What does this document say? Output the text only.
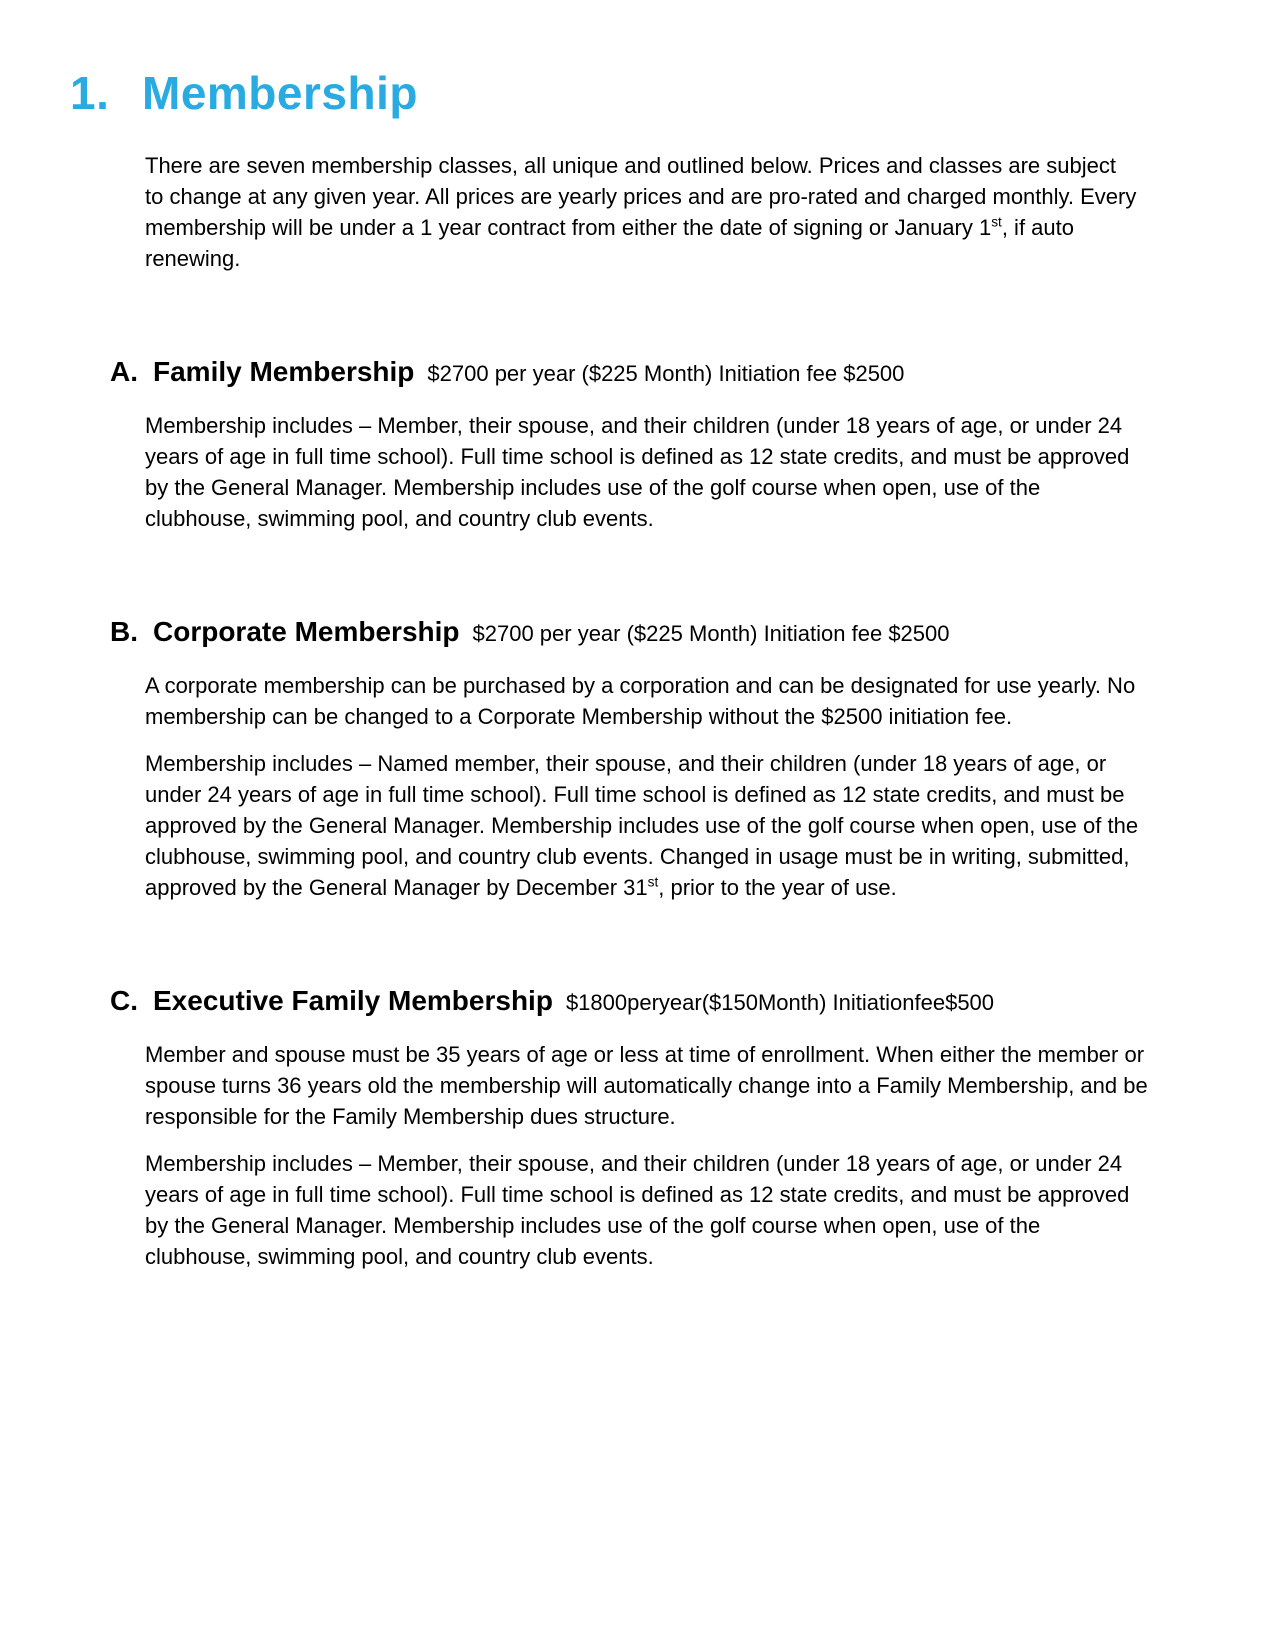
1. Membership

There are seven membership classes, all unique and outlined below. Prices and classes are subject to change at any given year. All prices are yearly prices and are pro-rated and charged monthly. Every membership will be under a 1 year contract from either the date of signing or January 1st, if auto renewing.

A. Family Membership $2700 per year ($225 Month) Initiation fee $2500

Membership includes – Member, their spouse, and their children (under 18 years of age, or under 24 years of age in full time school). Full time school is defined as 12 state credits, and must be approved by the General Manager. Membership includes use of the golf course when open, use of the clubhouse, swimming pool, and country club events.

B. Corporate Membership $2700 per year ($225 Month) Initiation fee $2500

A corporate membership can be purchased by a corporation and can be designated for use yearly. No membership can be changed to a Corporate Membership without the $2500 initiation fee.

Membership includes – Named member, their spouse, and their children (under 18 years of age, or under 24 years of age in full time school). Full time school is defined as 12 state credits, and must be approved by the General Manager. Membership includes use of the golf course when open, use of the clubhouse, swimming pool, and country club events. Changed in usage must be in writing, submitted, approved by the General Manager by December 31st, prior to the year of use.

C. Executive Family Membership $1800peryear($150Month) Initiationfee$500

Member and spouse must be 35 years of age or less at time of enrollment. When either the member or spouse turns 36 years old the membership will automatically change into a Family Membership, and be responsible for the Family Membership dues structure.

Membership includes – Member, their spouse, and their children (under 18 years of age, or under 24 years of age in full time school). Full time school is defined as 12 state credits, and must be approved by the General Manager. Membership includes use of the golf course when open, use of the clubhouse, swimming pool, and country club events.
